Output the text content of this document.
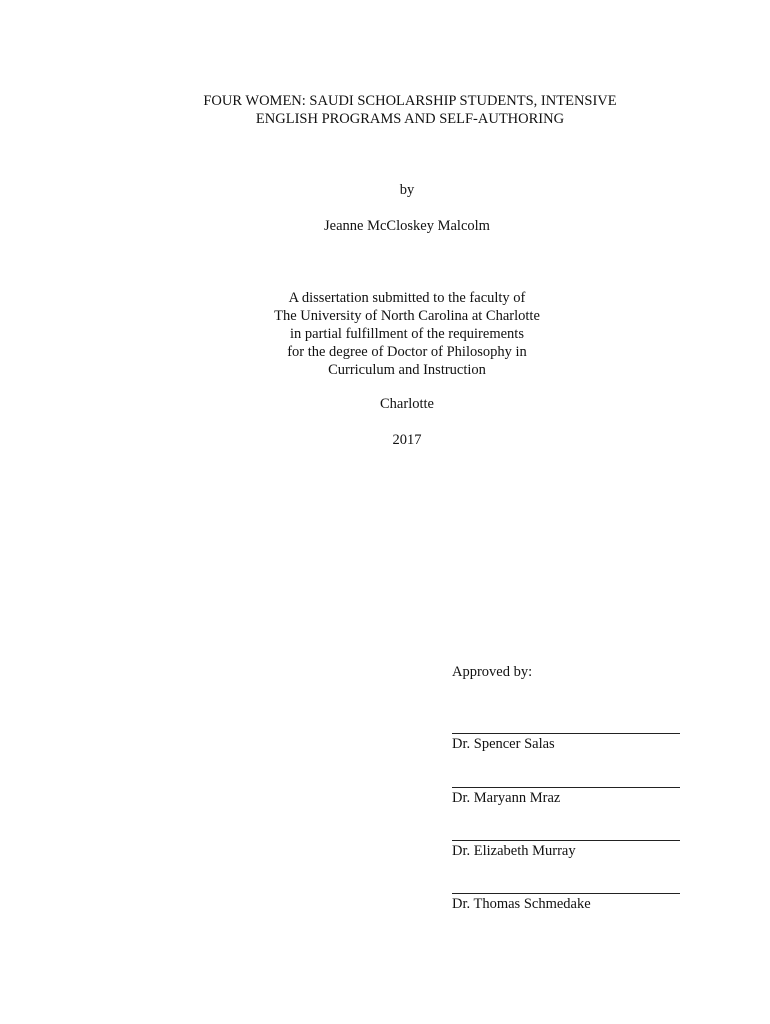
FOUR WOMEN: SAUDI SCHOLARSHIP STUDENTS, INTENSIVE
ENGLISH PROGRAMS AND SELF-AUTHORING
by
Jeanne McCloskey Malcolm
A dissertation submitted to the faculty of
The University of North Carolina at Charlotte
in partial fulfillment of the requirements
for the degree of Doctor of Philosophy in
Curriculum and Instruction
Charlotte
2017
Approved by:
Dr. Spencer Salas
Dr. Maryann Mraz
Dr. Elizabeth Murray
Dr. Thomas Schmedake
